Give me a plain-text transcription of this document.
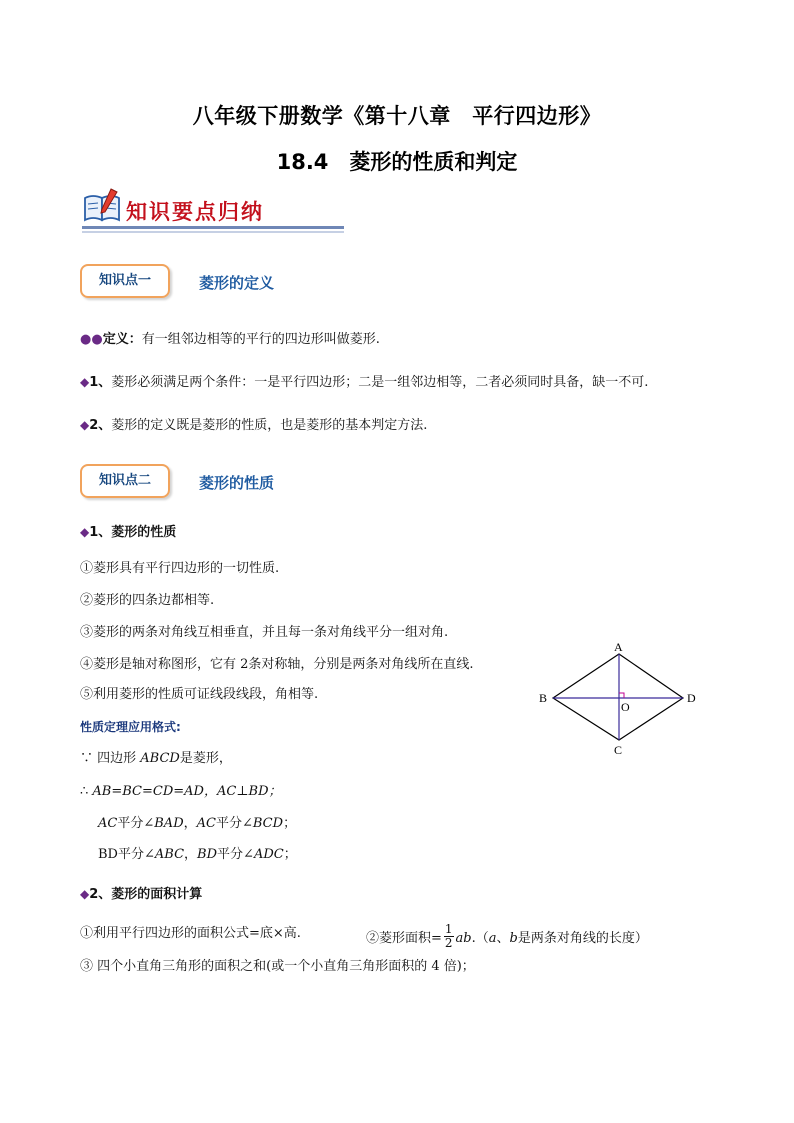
八年级下册数学《第十八章　平行四边形》
18.4　菱形的性质和判定
知识要点归纳
知识点一	菱形的定义
●●定义：有一组邻边相等的平行的四边形叫做菱形.
◆1、菱形必须满足两个条件：一是平行四边形；二是一组邻边相等，二者必须同时具备，缺一不可.
◆2、菱形的定义既是菱形的性质，也是菱形的基本判定方法.
知识点二	菱形的性质
◆1、菱形的性质
①菱形具有平行四边形的一切性质.
②菱形的四条边都相等.
③菱形的两条对角线互相垂直，并且每一条对角线平分一组对角.
④菱形是轴对称图形，它有 2条对称轴，分别是两条对角线所在直线.
⑤利用菱形的性质可证线段线段，角相等.
性质定理应用格式:
∵ 四边形 ABCD是菱形，
∴ AB=BC=CD=AD，AC⊥BD；
AC平分∠BAD，AC平分∠BCD；
BD平分∠ABC，BD平分∠ADC；
◆2、菱形的面积计算
①利用平行四边形的面积公式=底×高.	②菱形面积= $\frac{1}{2} ab.(a$、b是两条对角线的长度）
③ 四个小直角三角形的面积之和(或一个小直角三角形面积的 4 倍)；
A
B
C
D
O
